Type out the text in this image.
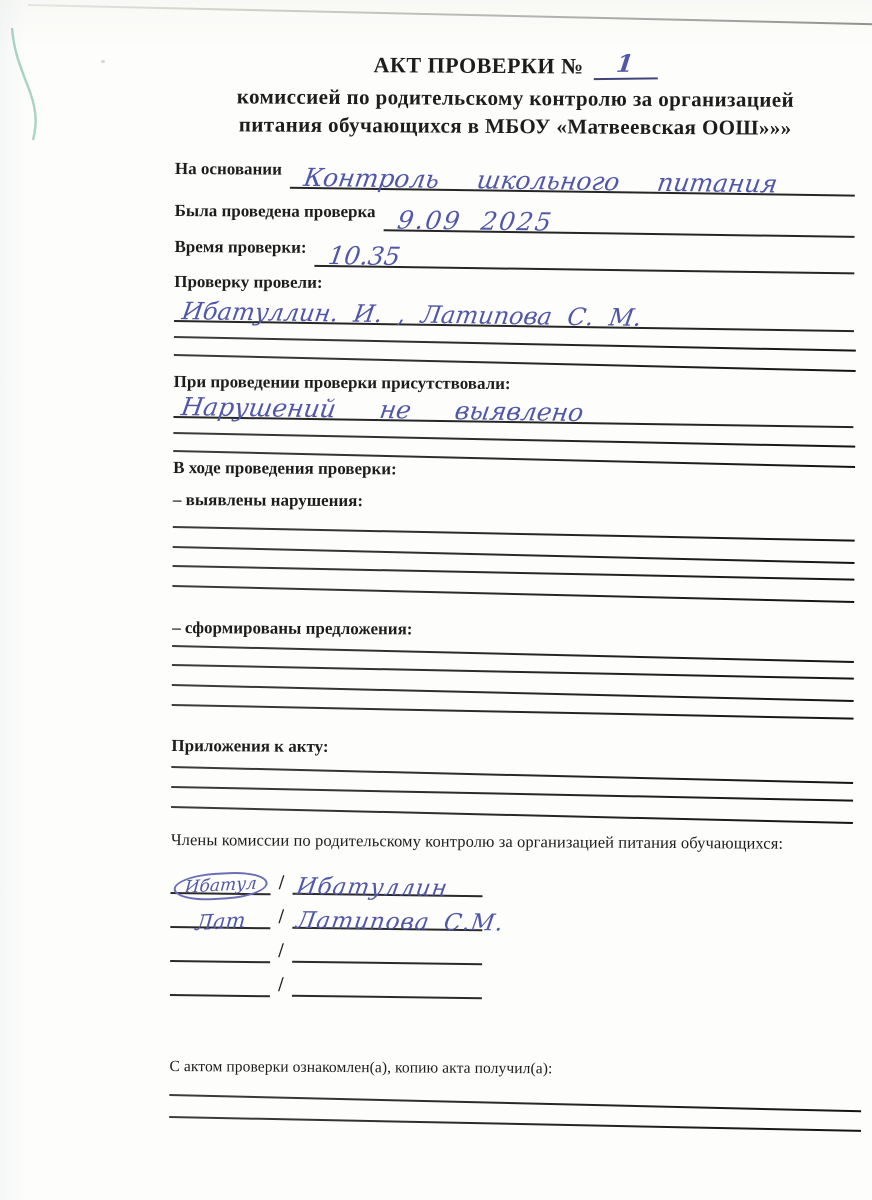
АКТ ПРОВЕРКИ № 1
комиссией по родительскому контролю за организацией
питания обучающихся в МБОУ «Матвеевская ООШ»»»
На основании Контроль школьного питания
Была проведена проверка 9.09 2025
Время проверки: 10.35
Проверку провели:
Ибатуллин. И. , Латипова С. М.
При проведении проверки присутствовали:
Нарушений не выявлено
В ходе проведения проверки:
– выявлены нарушения:
– сформированы предложения:
Приложения к акту:
Члены комиссии по родительскому контролю за организацией питания обучающихся:
Ибатул	/ Ибатуллин
Лат / Латипова С.М.
/
/
С актом проверки ознакомлен(а), копию акта получил(а):
